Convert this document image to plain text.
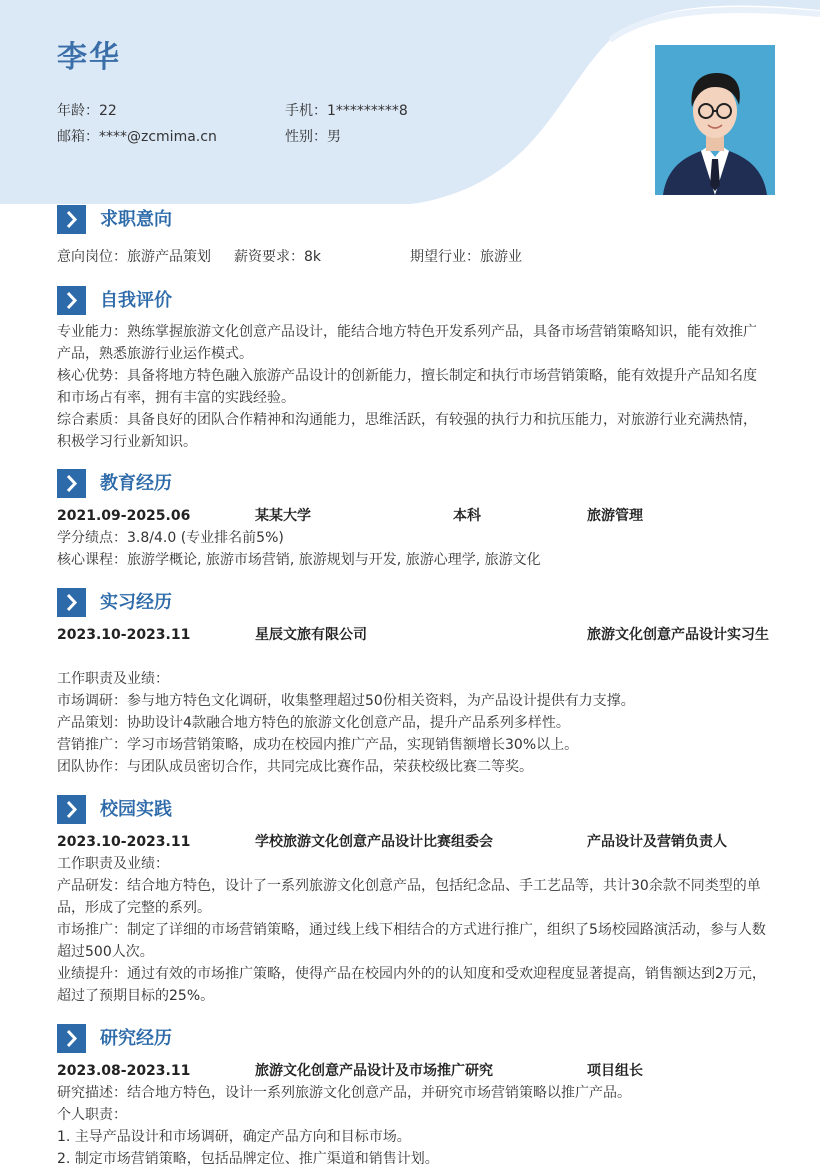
李华
年龄：22	手机：1*********8
邮箱：****@zcmima.cn	性别：男
求职意向
意向岗位：旅游产品策划 薪资要求：8k	期望行业：旅游业
自我评价

专业能力：熟练掌握旅游文化创意产品设计，能结合地方特色开发系列产品，具备市场营销策略知识，能有效推广产品，熟悉旅游行业运作模式。

核心优势：具备将地方特色融入旅游产品设计的创新能力，擅长制定和执行市场营销策略，能有效提升产品知名度和市场占有率，拥有丰富的实践经验。

综合素质：具备良好的团队合作精神和沟通能力，思维活跃，有较强的执行力和抗压能力，对旅游行业充满热情，积极学习行业新知识。

教育经历
2021.09-2025.06	某某大学	本科	旅游管理

学分绩点：3.8/4.0 (专业排名前5%)

核心课程：旅游学概论, 旅游市场营销, 旅游规划与开发, 旅游心理学, 旅游文化

实习经历
2023.10-2023.11	星辰文旅有限公司	旅游文化创意产品设计实习生

工作职责及业绩：

市场调研：参与地方特色文化调研，收集整理超过50份相关资料，为产品设计提供有力支撑。

产品策划：协助设计4款融合地方特色的旅游文化创意产品，提升产品系列多样性。

营销推广：学习市场营销策略，成功在校园内推广产品，实现销售额增长30%以上。

团队协作：与团队成员密切合作，共同完成比赛作品，荣获校级比赛二等奖。

校园实践
2023.10-2023.11	学校旅游文化创意产品设计比赛组委会	产品设计及营销负责人

工作职责及业绩：

产品研发：结合地方特色，设计了一系列旅游文化创意产品，包括纪念品、手工艺品等，共计30余款不同类型的单品，形成了完整的系列。

市场推广：制定了详细的市场营销策略，通过线上线下相结合的方式进行推广，组织了5场校园路演活动，参与人数超过500人次。

业绩提升：通过有效的市场推广策略，使得产品在校园内外的的认知度和受欢迎程度显著提高，销售额达到2万元，超过了预期目标的25%。

研究经历
2023.08-2023.11	旅游文化创意产品设计及市场推广研究	项目组长

研究描述：结合地方特色，设计一系列旅游文化创意产品，并研究市场营销策略以推广产品。

个人职责：

1. 主导产品设计和市场调研，确定产品方向和目标市场。

2. 制定市场营销策略，包括品牌定位、推广渠道和销售计划。
